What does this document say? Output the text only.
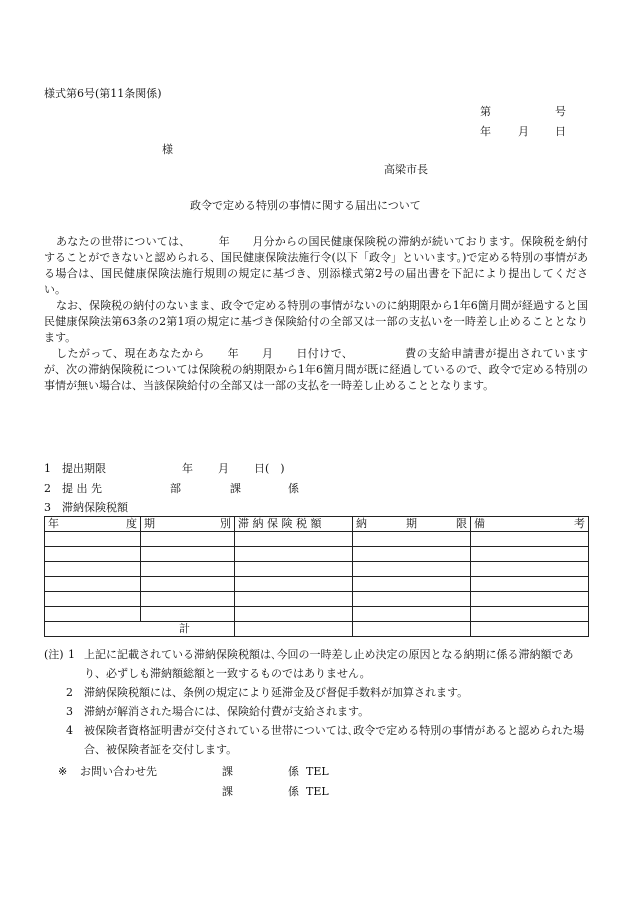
様式第6号(第11条関係)
第	号
年 月 日
様
高梁市長
政令で定める特別の事情に関する届出について
あなたの世帯については、　　　年　　月分からの国民健康保険税の滞納が続いております。保険税を納付することができないと認められる、国民健康保険法施行令(以下「政令」といいます。)で定める特別の事情がある場合は、国民健康保険法施行規則の規定に基づき、別添様式第2号の届出書を下記により提出してください。
なお、保険税の納付のないまま、政令で定める特別の事情がないのに納期限から1年6箇月間が経過すると国民健康保険法第63条の2第1項の規定に基づき保険給付の全部又は一部の支払いを一時差し止めることとなります。
したがって、現在あなたから　　年　　月　　日付けで、　　　　　費の支給申請書が提出されていますが、次の滞納保険税については保険税の納期限から1年6箇月間が既に経過しているので、政令で定める特別の事情が無い場合は、当該保険給付の全部又は一部の支払を一時差し止めることとなります。
1 提出期限	年 月 日(　)
2 提 出 先	部	課	係
3 滞納保険税額
年 度	期 別	滞 納 保 険 税 額	納 期 限	備 考

計				
(注) 1 上記に記載されている滞納保険税額は､今回の一時差し止め決定の原因となる納期に係る滞納額であり、必ずしも滞納額総額と一致するものではありません。
2	滞納保険税額には、条例の規定により延滞金及び督促手数料が加算されます。
3	滞納が解消された場合には、保険給付費が支給されます。
4	被保険者資格証明書が交付されている世帯については､政令で定める特別の事情があると認められた場合、被保険者証を交付します。
※ お問い合わせ先	課	係 TEL
課	係 TEL
